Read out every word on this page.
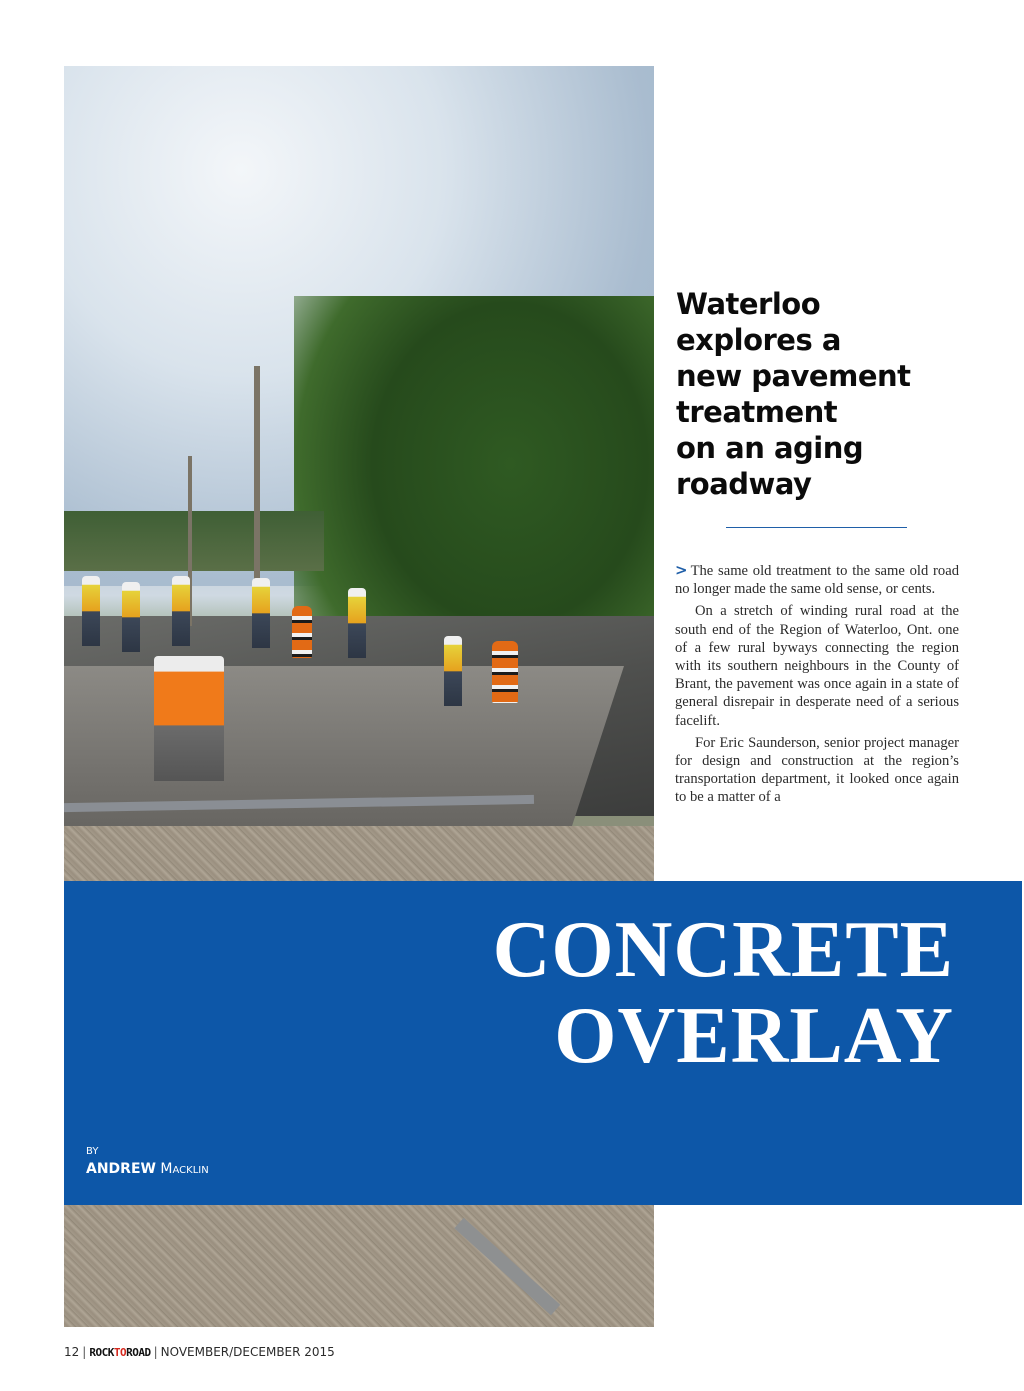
Waterloo
explores a
new pavement
treatment
on an aging
roadway

> The same old treatment to the same old road no longer made the same old sense, or cents.

On a stretch of winding rural road at the south end of the Region of Waterloo, Ont. one of a few rural byways connecting the region with its southern neighbours in the County of Brant, the pavement was once again in a state of general disrepair in desperate need of a serious facelift.

For Eric Saunderson, senior project manager for design and construction at the region’s transportation department, it looked once again to be a matter of a

CONCRETE
OVERLAY
BY
ANDREW Macklin
12 | ROCKTOROAD | NOVEMBER/DECEMBER 2015
